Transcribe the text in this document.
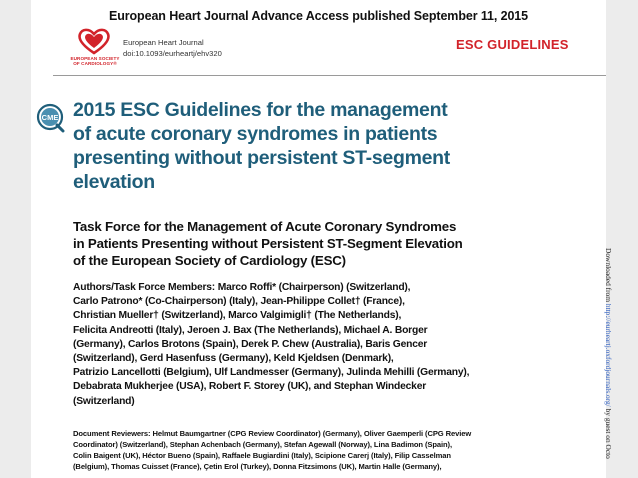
European Heart Journal Advance Access published September 11, 2015
EUROPEAN SOCIETY OF CARDIOLOGY®
European Heart Journal
doi:10.1093/eurheartj/ehv320
ESC GUIDELINES
CME 2015 ESC Guidelines for the management
of acute coronary syndromes in patients
presenting without persistent ST-segment
elevation
Task Force for the Management of Acute Coronary Syndromes
in Patients Presenting without Persistent ST-Segment Elevation
of the European Society of Cardiology (ESC)
Authors/Task Force Members: Marco Roffi* (Chairperson) (Switzerland),
Carlo Patrono* (Co-Chairperson) (Italy), Jean-Philippe Collet† (France),
Christian Mueller† (Switzerland), Marco Valgimigli† (The Netherlands),
Felicita Andreotti (Italy), Jeroen J. Bax (The Netherlands), Michael A. Borger
(Germany), Carlos Brotons (Spain), Derek P. Chew (Australia), Baris Gencer
(Switzerland), Gerd Hasenfuss (Germany), Keld Kjeldsen (Denmark),
Patrizio Lancellotti (Belgium), Ulf Landmesser (Germany), Julinda Mehilli (Germany),
Debabrata Mukherjee (USA), Robert F. Storey (UK), and Stephan Windecker
(Switzerland)
Document Reviewers: Helmut Baumgartner (CPG Review Coordinator) (Germany), Oliver Gaemperli (CPG Review
Coordinator) (Switzerland), Stephan Achenbach (Germany), Stefan Agewall (Norway), Lina Badimon (Spain),
Colin Baigent (UK), Héctor Bueno (Spain), Raffaele Bugiardini (Italy), Scipione Carerj (Italy), Filip Casselman
(Belgium), Thomas Cuisset (France), Çetin Erol (Turkey), Donna Fitzsimons (UK), Martin Halle (Germany),
Downloaded from http://eurheartj.oxfordjournals.org/ by guest on Octo
